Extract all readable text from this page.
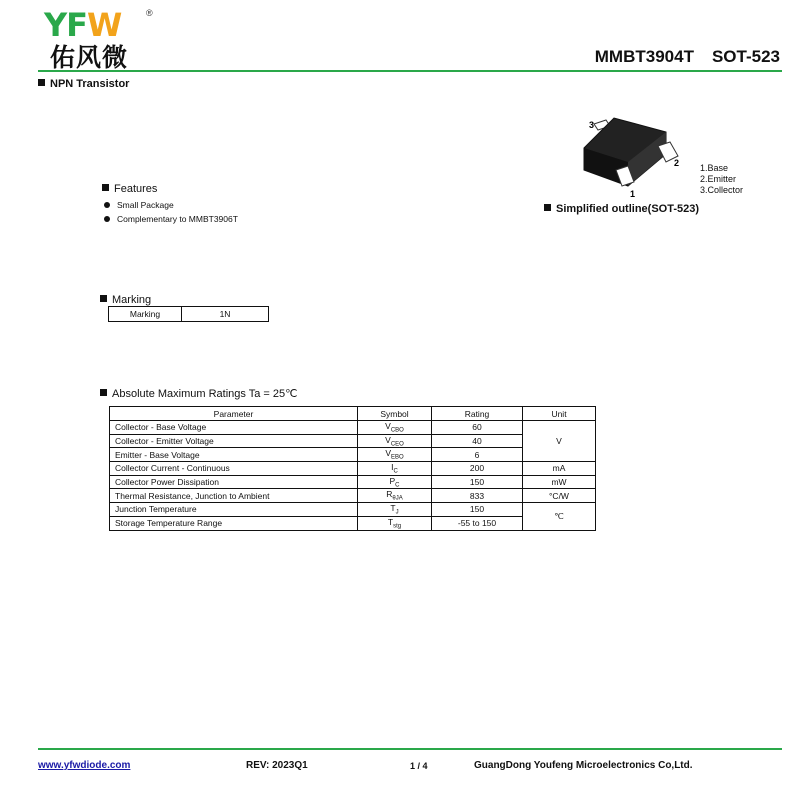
YFW	®
佑风微	MMBT3904T SOT-523
NPN Transistor
3
2
1
1.Base
2.Emitter
3.Collector
Simplified outline(SOT-523)
Features
Small Package
Complementary to MMBT3906T
Marking
Marking	1N
Absolute Maximum Ratings Ta = 25℃
Parameter	Symbol	Rating	Unit
Collector - Base Voltage	$V_{CBO}$	60	V
Collector - Emitter Voltage	$V_{CEO}$	40	
Emitter - Base Voltage	$V_{EBO}$	6	
Collector Current - Continuous	$I_C$	200	mA
Collector Power Dissipation	$P_C$	150	mW
Thermal Resistance, Junction to Ambient	$R_{\theta JA}$	833	°C/W
Junction Temperature	$T_J$	150	℃
Storage Temperature Range	$T_{stg}$	-55 to 150	
www.yfwdiode.com	REV: 2023Q1	1 / 4	GuangDong Youfeng Microelectronics Co,Ltd.
